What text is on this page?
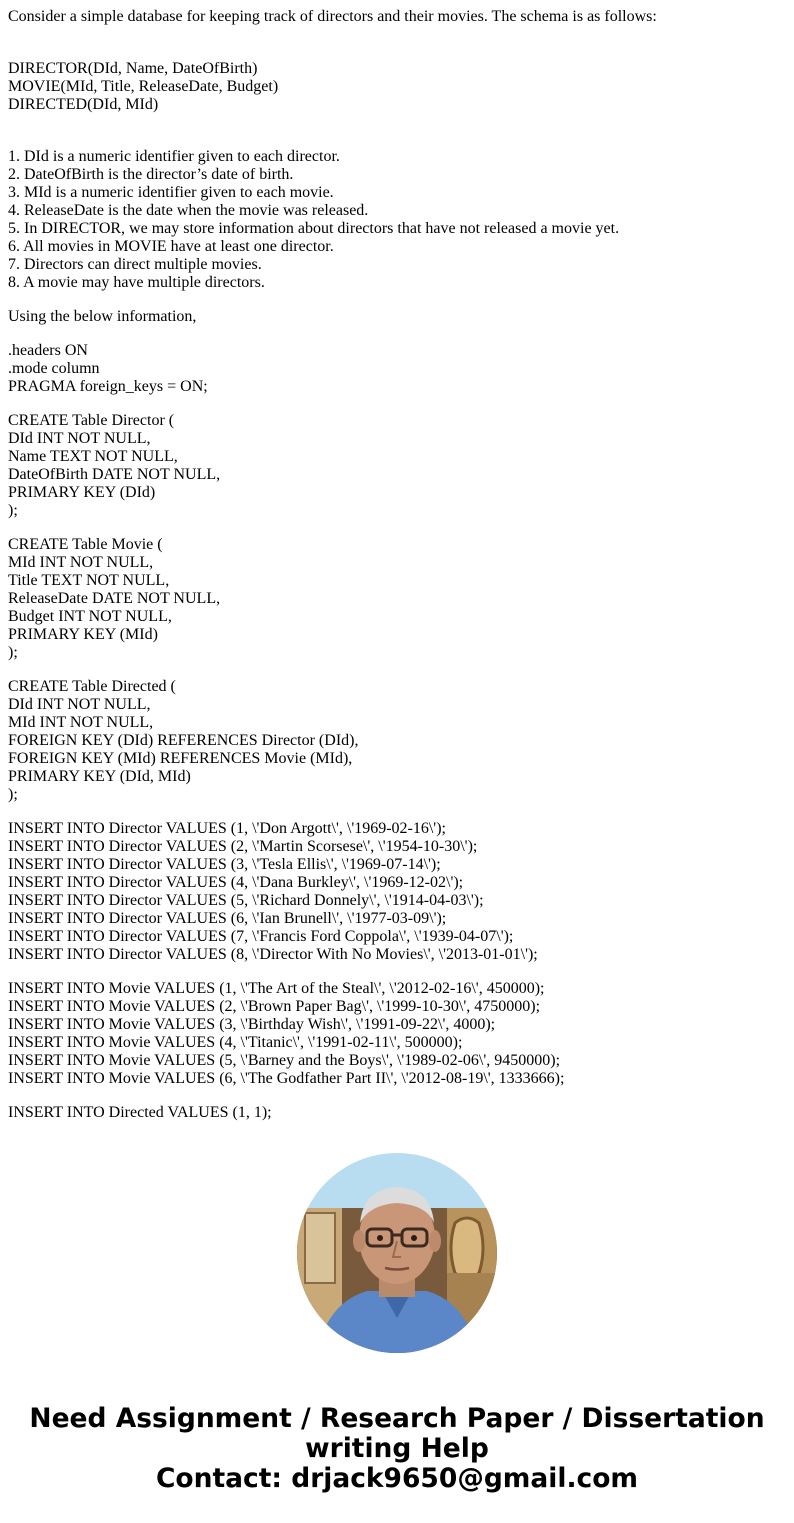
Consider a simple database for keeping track of directors and their movies. The schema is as follows:
DIRECTOR(DId, Name, DateOfBirth)
MOVIE(MId, Title, ReleaseDate, Budget)
DIRECTED(DId, MId)
1. DId is a numeric identifier given to each director.
2. DateOfBirth is the director’s date of birth.
3. MId is a numeric identifier given to each movie.
4. ReleaseDate is the date when the movie was released.
5. In DIRECTOR, we may store information about directors that have not released a movie yet.
6. All movies in MOVIE have at least one director.
7. Directors can direct multiple movies.
8. A movie may have multiple directors.
Using the below information,
.headers ON
.mode column
PRAGMA foreign_keys = ON;
CREATE Table Director (
DId INT NOT NULL,
Name TEXT NOT NULL,
DateOfBirth DATE NOT NULL,
PRIMARY KEY (DId)
);
CREATE Table Movie (
MId INT NOT NULL,
Title TEXT NOT NULL,
ReleaseDate DATE NOT NULL,
Budget INT NOT NULL,
PRIMARY KEY (MId)
);
CREATE Table Directed (
DId INT NOT NULL,
MId INT NOT NULL,
FOREIGN KEY (DId) REFERENCES Director (DId),
FOREIGN KEY (MId) REFERENCES Movie (MId),
PRIMARY KEY (DId, MId)
);
INSERT INTO Director VALUES (1, \'Don Argott\', \'1969-02-16\');
INSERT INTO Director VALUES (2, \'Martin Scorsese\', \'1954-10-30\');
INSERT INTO Director VALUES (3, \'Tesla Ellis\', \'1969-07-14\');
INSERT INTO Director VALUES (4, \'Dana Burkley\', \'1969-12-02\');
INSERT INTO Director VALUES (5, \'Richard Donnely\', \'1914-04-03\');
INSERT INTO Director VALUES (6, \'Ian Brunell\', \'1977-03-09\');
INSERT INTO Director VALUES (7, \'Francis Ford Coppola\', \'1939-04-07\');
INSERT INTO Director VALUES (8, \'Director With No Movies\', \'2013-01-01\');
INSERT INTO Movie VALUES (1, \'The Art of the Steal\', \'2012-02-16\', 450000);
INSERT INTO Movie VALUES (2, \'Brown Paper Bag\', \'1999-10-30\', 4750000);
INSERT INTO Movie VALUES (3, \'Birthday Wish\', \'1991-09-22\', 4000);
INSERT INTO Movie VALUES (4, \'Titanic\', \'1991-02-11\', 500000);
INSERT INTO Movie VALUES (5, \'Barney and the Boys\', \'1989-02-06\', 9450000);
INSERT INTO Movie VALUES (6, \'The Godfather Part II\', \'2012-08-19\', 1333666);
INSERT INTO Directed VALUES (1, 1);
Need Assignment / Research Paper / Dissertation
writing Help
Contact: drjack9650@gmail.com
